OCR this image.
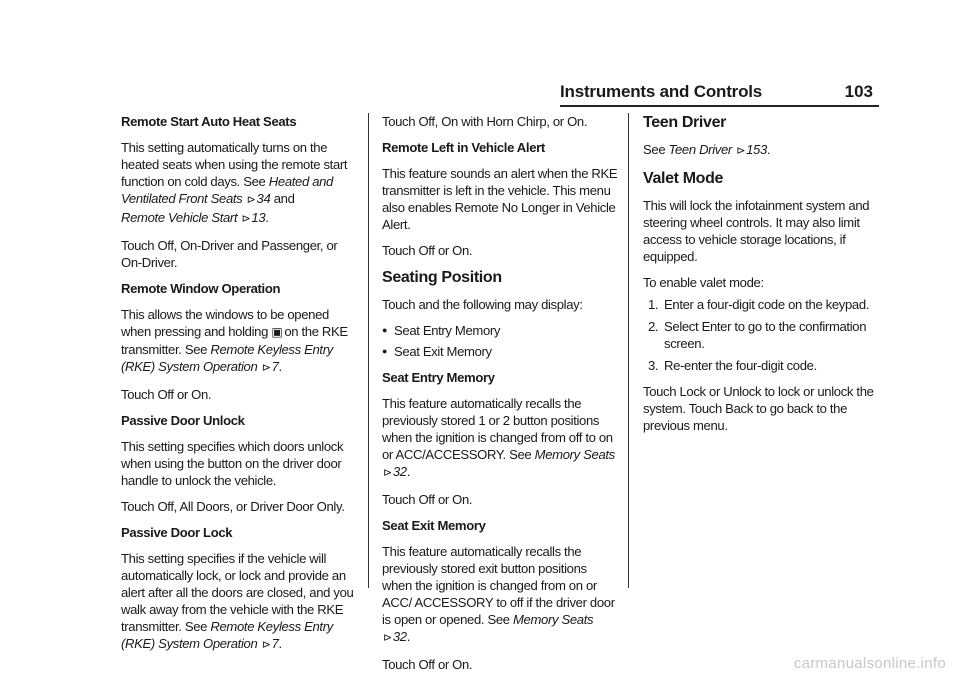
Instruments and Controls	103

Remote Start Auto Heat Seats

This setting automatically turns on the heated seats when using the remote start function on cold days. See Heated and Ventilated Front Seats ⊳34 and
Remote Vehicle Start ⊳13.

Touch Off, On-Driver and Passenger, or On-Driver.

Remote Window Operation

This allows the windows to be opened when pressing and holding ▣ on the RKE transmitter. See Remote Keyless Entry (RKE) System Operation ⊳7.

Touch Off or On.

Passive Door Unlock

This setting specifies which doors unlock when using the button on the driver door handle to unlock the vehicle.

Touch Off, All Doors, or Driver Door Only.

Passive Door Lock

This setting specifies if the vehicle will automatically lock, or lock and provide an alert after all the doors are closed, and you walk away from the vehicle with the RKE transmitter. See Remote Keyless Entry (RKE) System Operation ⊳7.

Touch Off, On with Horn Chirp, or On.

Remote Left in Vehicle Alert

This feature sounds an alert when the RKE transmitter is left in the vehicle. This menu also enables Remote No Longer in Vehicle Alert.

Touch Off or On.

Seating Position

Touch and the following may display:

● Seat Entry Memory
● Seat Exit Memory

Seat Entry Memory

This feature automatically recalls the previously stored 1 or 2 button positions when the ignition is changed from off to on or ACC/ACCESSORY. See Memory Seats ⊳32.

Touch Off or On.

Seat Exit Memory

This feature automatically recalls the previously stored exit button positions when the ignition is changed from on or ACC/ ACCESSORY to off if the driver door is open or opened. See Memory Seats ⊳32.

Touch Off or On.

Teen Driver

See Teen Driver ⊳153.

Valet Mode

This will lock the infotainment system and steering wheel controls. It may also limit access to vehicle storage locations, if equipped.

To enable valet mode:

1. Enter a four-digit code on the keypad.
2. Select Enter to go to the confirmation screen.
3. Re-enter the four-digit code.

Touch Lock or Unlock to lock or unlock the system. Touch Back to go back to the previous menu.

carmanualsonline.info
